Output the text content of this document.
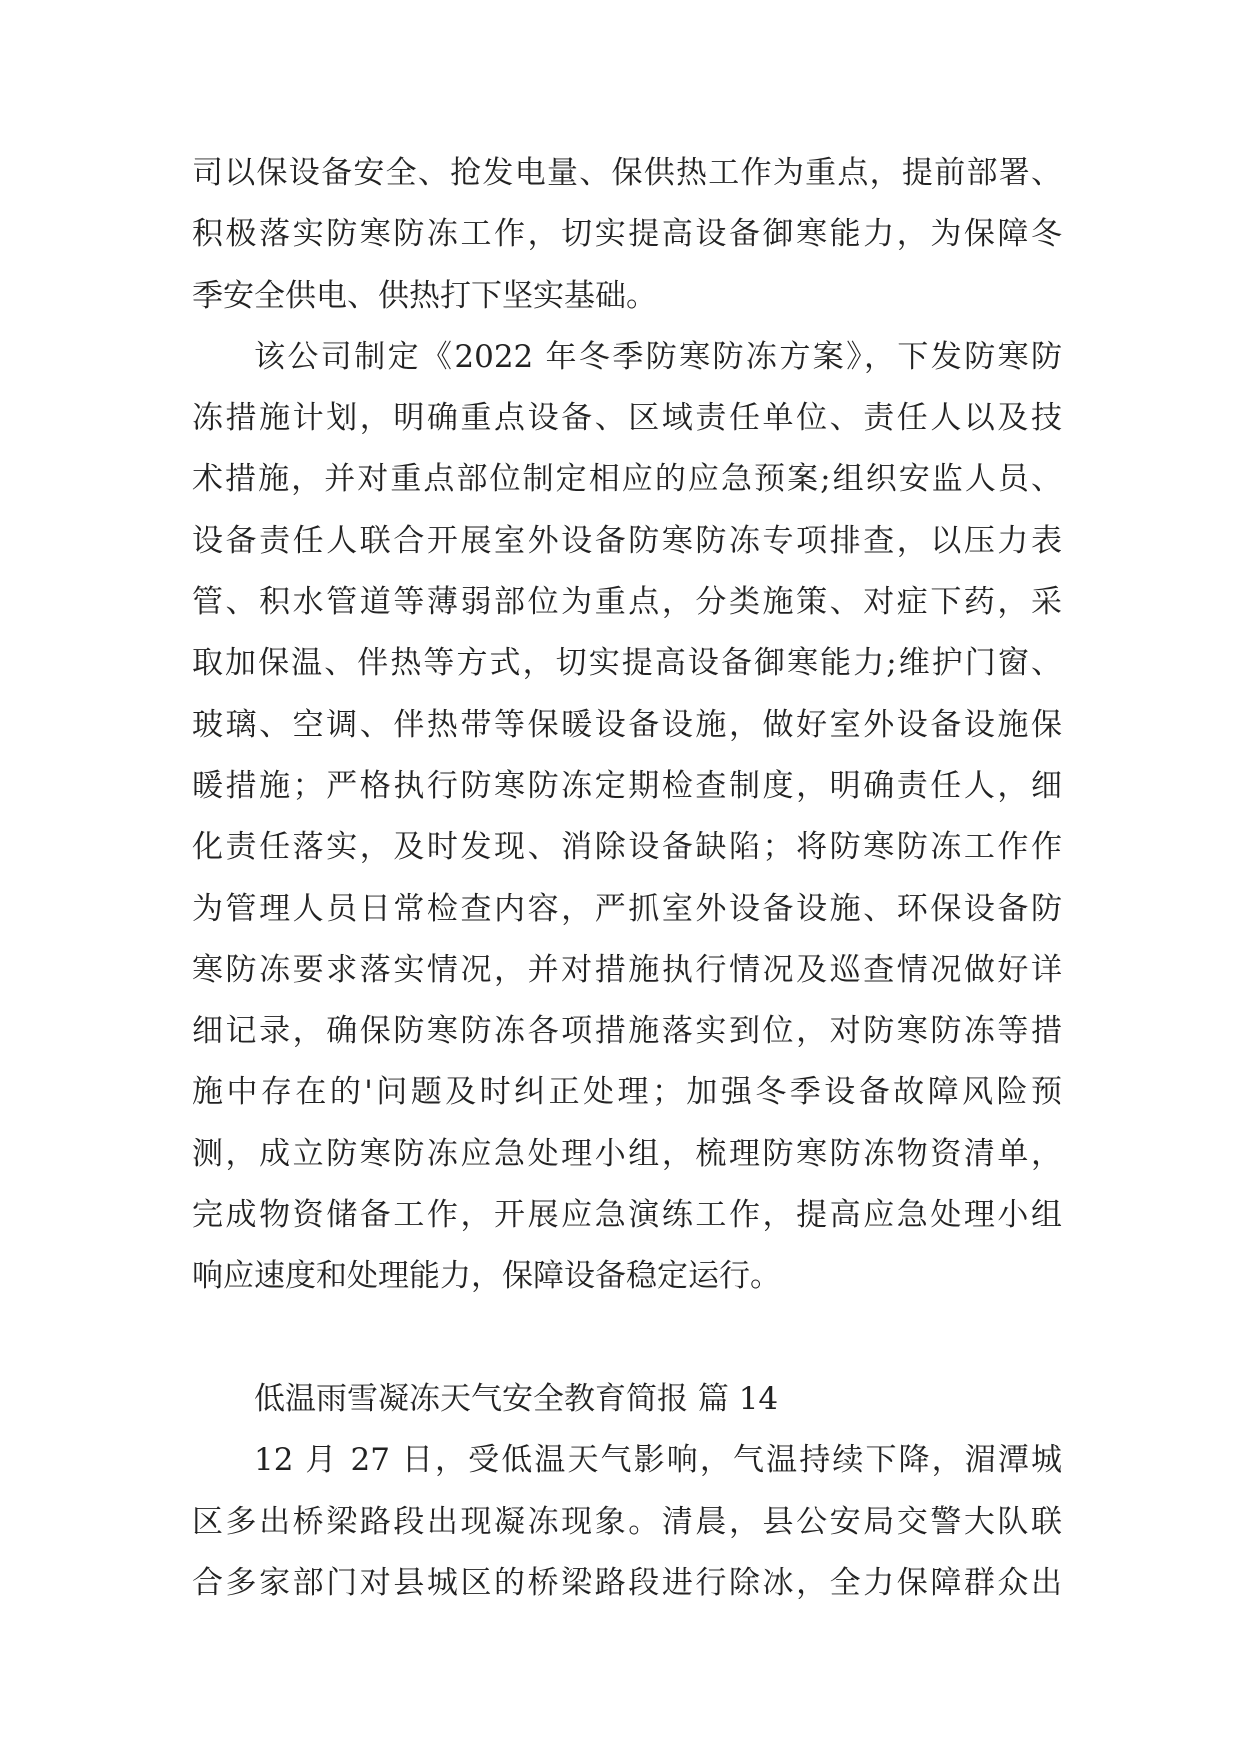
司以保设备安全、抢发电量、保供热工作为重点，提前部署、
积极落实防寒防冻工作，切实提高设备御寒能力，为保障冬
季安全供电、供热打下坚实基础。
该公司制定《2022 年冬季防寒防冻方案》，下发防寒防
冻措施计划，明确重点设备、区域责任单位、责任人以及技
术措施，并对重点部位制定相应的应急预案;组织安监人员、
设备责任人联合开展室外设备防寒防冻专项排查，以压力表
管、积水管道等薄弱部位为重点，分类施策、对症下药，采
取加保温、伴热等方式，切实提高设备御寒能力;维护门窗、
玻璃、空调、伴热带等保暖设备设施，做好室外设备设施保
暖措施；严格执行防寒防冻定期检查制度，明确责任人，细
化责任落实，及时发现、消除设备缺陷；将防寒防冻工作作
为管理人员日常检查内容，严抓室外设备设施、环保设备防
寒防冻要求落实情况，并对措施执行情况及巡查情况做好详
细记录，确保防寒防冻各项措施落实到位，对防寒防冻等措
施中存在的'问题及时纠正处理；加强冬季设备故障风险预
测，成立防寒防冻应急处理小组，梳理防寒防冻物资清单，
完成物资储备工作，开展应急演练工作，提高应急处理小组
响应速度和处理能力，保障设备稳定运行。
低温雨雪凝冻天气安全教育简报 篇 14
12 月 27 日，受低温天气影响，气温持续下降，湄潭城
区多出桥梁路段出现凝冻现象。清晨，县公安局交警大队联
合多家部门对县城区的桥梁路段进行除冰，全力保障群众出
